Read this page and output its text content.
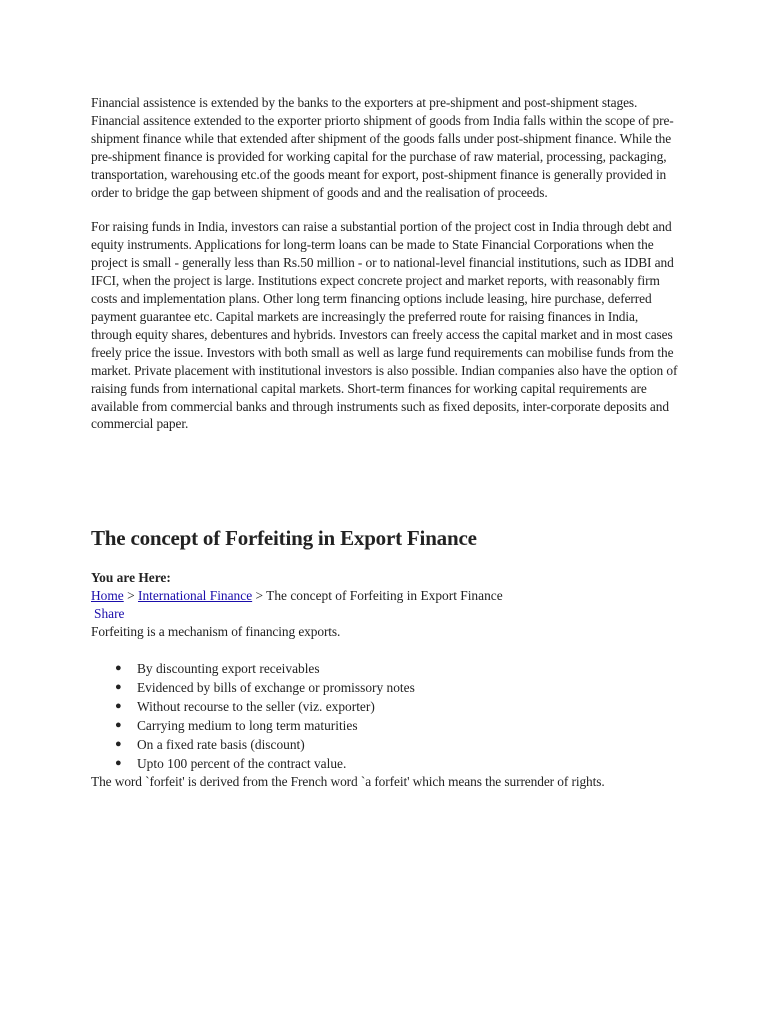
Financial assistence is extended by the banks to the exporters at pre-shipment and post-shipment stages. Financial assitence extended to the exporter priorto shipment of goods from India falls within the scope of pre-shipment finance while that extended after shipment of the goods falls under post-shipment finance. While the pre-shipment finance is provided for working capital for the purchase of raw material, processing, packaging, transportation, warehousing etc.of the goods meant for export, post-shipment finance is generally provided in order to bridge the gap between shipment of goods and and the realisation of proceeds.

For raising funds in India, investors can raise a substantial portion of the project cost in India through debt and equity instruments. Applications for long-term loans can be made to State Financial Corporations when the project is small - generally less than Rs.50 million - or to national-level financial institutions, such as IDBI and IFCI, when the project is large. Institutions expect concrete project and market reports, with reasonably firm costs and implementation plans. Other long term financing options include leasing, hire purchase, deferred payment guarantee etc. Capital markets are increasingly the preferred route for raising finances in India, through equity shares, debentures and hybrids. Investors can freely access the capital market and in most cases freely price the issue. Investors with both small as well as large fund requirements can mobilise funds from the market. Private placement with institutional investors is also possible. Indian companies also have the option of raising funds from international capital markets. Short-term finances for working capital requirements are available from commercial banks and through instruments such as fixed deposits, inter-corporate deposits and commercial paper.

The concept of Forfeiting in Export Finance
You are Here:
Home > International Finance > The concept of Forfeiting in Export Finance
Share

Forfeiting is a mechanism of financing exports.

● By discounting export receivables
● Evidenced by bills of exchange or promissory notes
● Without recourse to the seller (viz. exporter)
● Carrying medium to long term maturities
● On a fixed rate basis (discount)
● Upto 100 percent of the contract value.

The word `forfeit' is derived from the French word `a forfeit' which means the surrender of rights.
